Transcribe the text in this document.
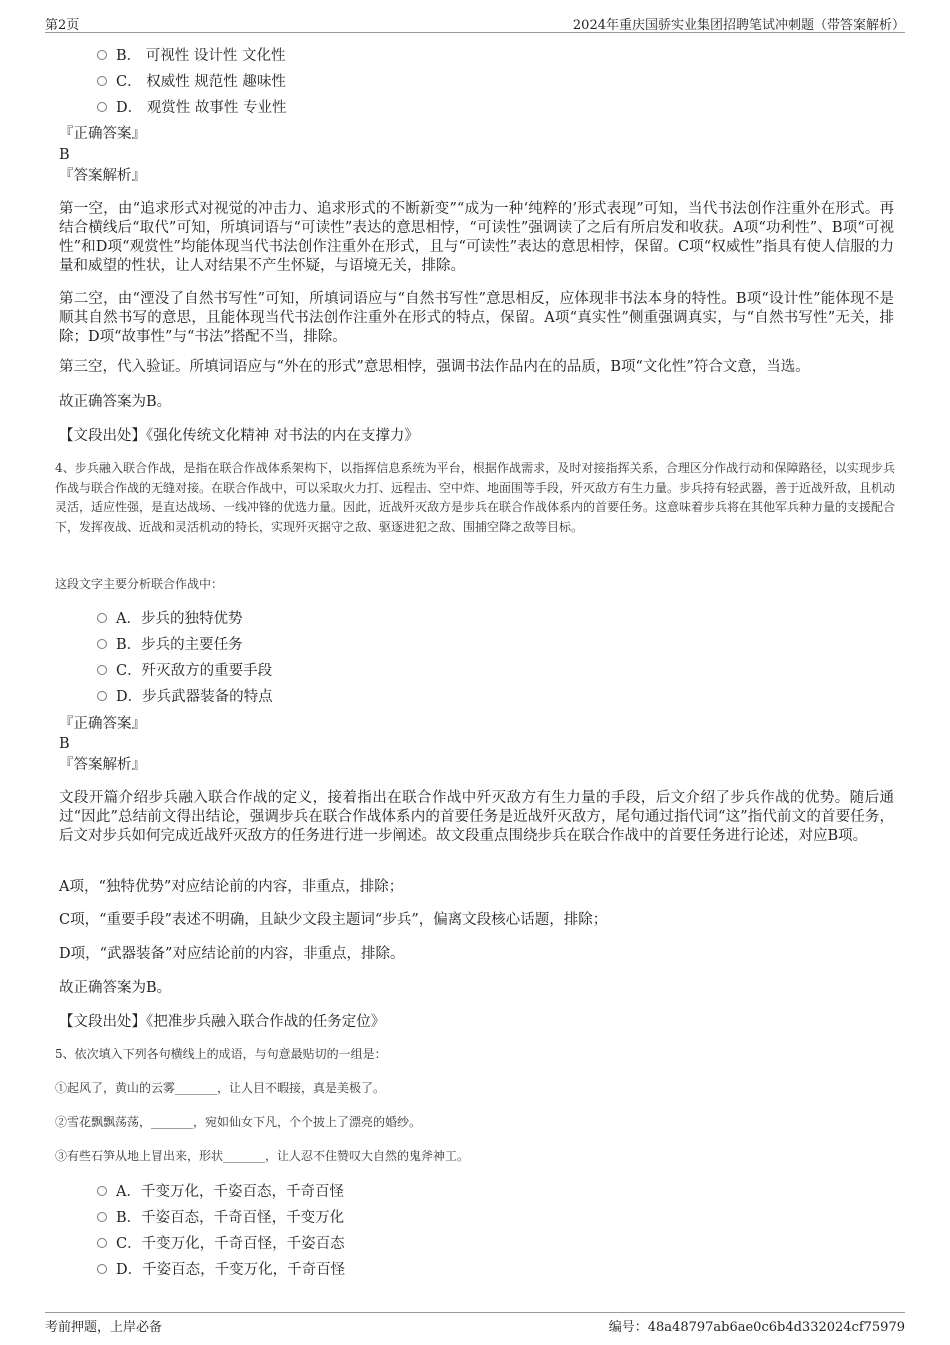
第2页	2024年重庆国骄实业集团招聘笔试冲刺题（带答案解析）
B． 可视性 设计性 文化性
C． 权威性 规范性 趣味性
D． 观赏性 故事性 专业性
『正确答案』
B
『答案解析』
第一空，由“追求形式对视觉的冲击力、追求形式的不断新变”“成为一种‘纯粹的’形式表现”可知，当代书法创作注重外在形式。再结合横线后“取代”可知，所填词语与“可读性”表达的意思相悖，“可读性”强调读了之后有所启发和收获。A项“功利性”、B项“可视性”和D项“观赏性”均能体现当代书法创作注重外在形式，且与“可读性”表达的意思相悖，保留。C项“权威性”指具有使人信服的力量和威望的性状，让人对结果不产生怀疑，与语境无关，排除。
第二空，由“湮没了自然书写性”可知，所填词语应与“自然书写性”意思相反，应体现非书法本身的特性。B项“设计性”能体现不是顺其自然书写的意思，且能体现当代书法创作注重外在形式的特点，保留。A项“真实性”侧重强调真实，与“自然书写性”无关，排除；D项“故事性”与“书法”搭配不当，排除。
第三空，代入验证。所填词语应与“外在的形式”意思相悖，强调书法作品内在的品质，B项“文化性”符合文意，当选。
故正确答案为B。
【文段出处】《强化传统文化精神 对书法的内在支撑力》
4、步兵融入联合作战，是指在联合作战体系架构下，以指挥信息系统为平台，根据作战需求，及时对接指挥关系，合理区分作战行动和保障路径，以实现步兵作战与联合作战的无缝对接。在联合作战中，可以采取火力打、远程击、空中炸、地面围等手段，歼灭敌方有生力量。步兵持有轻武器，善于近战歼敌，且机动灵活，适应性强，是直达战场、一线冲锋的优选力量。因此，近战歼灭敌方是步兵在联合作战体系内的首要任务。这意味着步兵将在其他军兵种力量的支援配合下，发挥夜战、近战和灵活机动的特长，实现歼灭据守之敌、驱逐进犯之敌、围捕空降之敌等目标。
这段文字主要分析联合作战中：
A．步兵的独特优势
B．步兵的主要任务
C．歼灭敌方的重要手段
D．步兵武器装备的特点
『正确答案』
B
『答案解析』
文段开篇介绍步兵融入联合作战的定义，接着指出在联合作战中歼灭敌方有生力量的手段，后文介绍了步兵作战的优势。随后通过“因此”总结前文得出结论，强调步兵在联合作战体系内的首要任务是近战歼灭敌方，尾句通过指代词“这”指代前文的首要任务，后文对步兵如何完成近战歼灭敌方的任务进行进一步阐述。故文段重点围绕步兵在联合作战中的首要任务进行论述，对应B项。
A项，“独特优势”对应结论前的内容，非重点，排除；
C项，“重要手段”表述不明确，且缺少文段主题词“步兵”，偏离文段核心话题，排除；
D项，“武器装备”对应结论前的内容，非重点，排除。
故正确答案为B。
【文段出处】《把准步兵融入联合作战的任务定位》
5、依次填入下列各句横线上的成语，与句意最贴切的一组是：
①起风了，黄山的云雾_______，让人目不暇接，真是美极了。
②雪花飘飘荡荡，_______，宛如仙女下凡，个个披上了漂亮的婚纱。
③有些石笋从地上冒出来，形状_______，让人忍不住赞叹大自然的鬼斧神工。
A．千变万化，千姿百态，千奇百怪
B．千姿百态，千奇百怪，千变万化
C．千变万化，千奇百怪，千姿百态
D．千姿百态，千变万化，千奇百怪
考前押题，上岸必备	编号：48a48797ab6ae0c6b4d332024cf75979
